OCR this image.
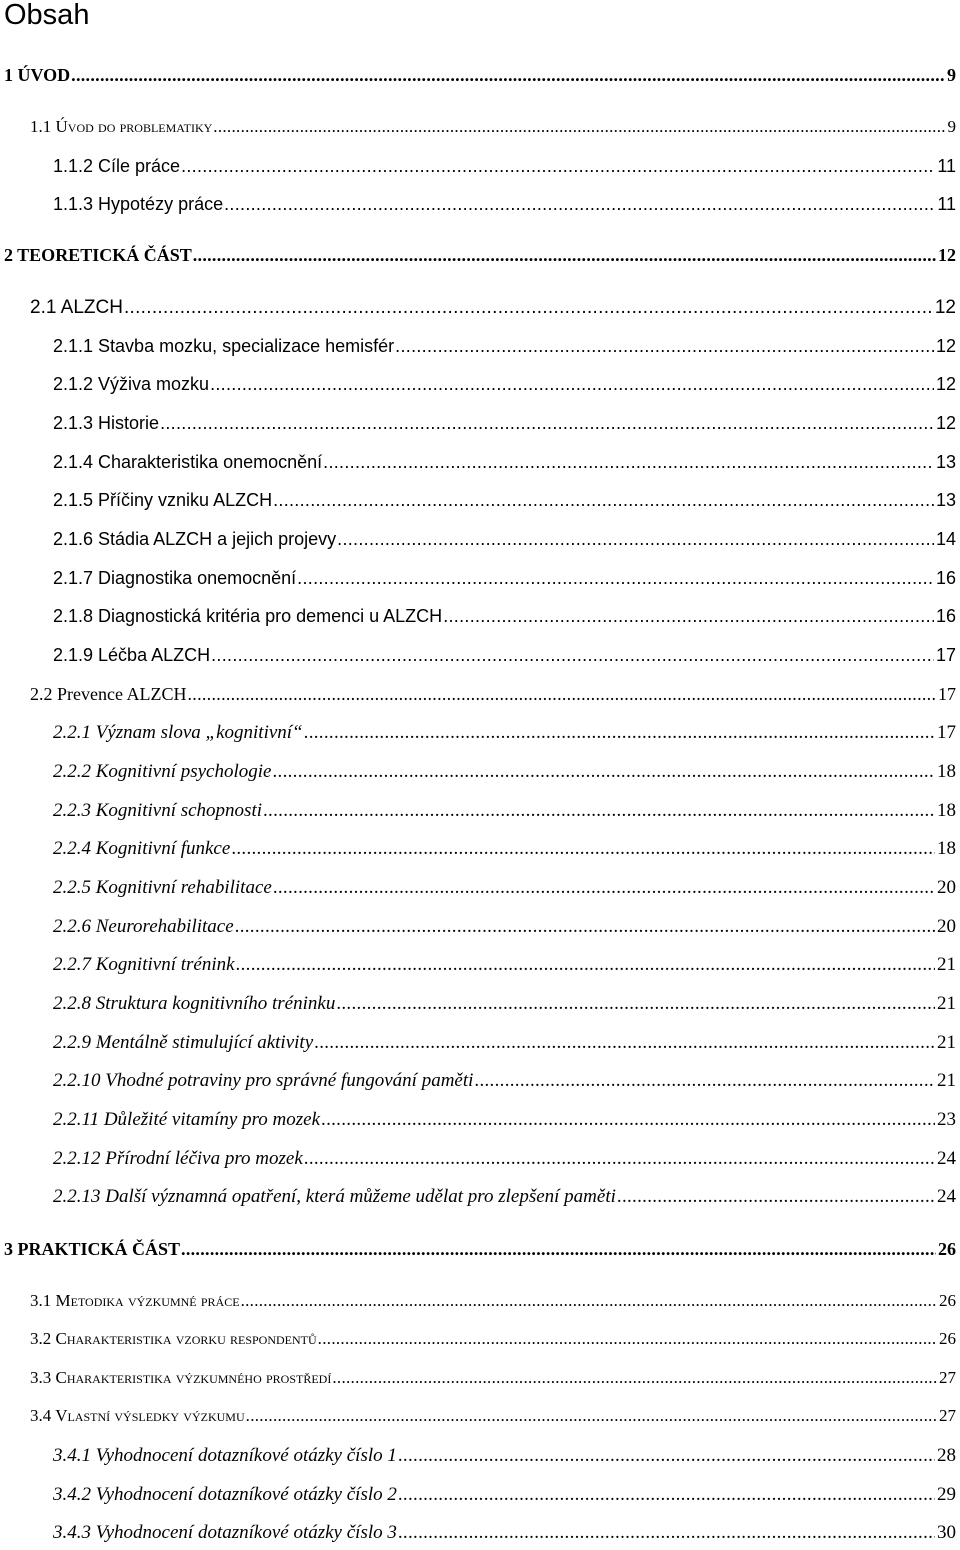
Obsah
1 ÚVOD .....	9
1.1 Úvod do problematiky .....	9
1.1.2 Cíle práce .....	11
1.1.3 Hypotézy práce .....	11
2 TEORETICKÁ ČÁST .....	12
2.1 ALZCH .....	12
2.1.1 Stavba mozku, specializace hemisfér .....	12
2.1.2 Výživa mozku .....	12
2.1.3 Historie .....	12
2.1.4 Charakteristika onemocnění .....	13
2.1.5 Příčiny vzniku ALZCH .....	13
2.1.6 Stádia ALZCH a jejich projevy .....	14
2.1.7 Diagnostika onemocnění .....	16
2.1.8 Diagnostická kritéria pro demenci u ALZCH .....	16
2.1.9 Léčba ALZCH .....	17
2.2 Prevence ALZCH .....	17
2.2.1 Význam slova „kognitivní“ .....	17
2.2.2 Kognitivní psychologie .....	18
2.2.3 Kognitivní schopnosti .....	18
2.2.4 Kognitivní funkce .....	18
2.2.5 Kognitivní rehabilitace .....	20
2.2.6 Neurorehabilitace .....	20
2.2.7 Kognitivní trénink .....	21
2.2.8 Struktura kognitivního tréninku .....	21
2.2.9 Mentálně stimulující aktivity .....	21
2.2.10 Vhodné potraviny pro správné fungování paměti .....	21
2.2.11 Důležité vitamíny pro mozek .....	23
2.2.12 Přírodní léčiva pro mozek .....	24
2.2.13 Další významná opatření, která můžeme udělat pro zlepšení paměti .....	24
3 PRAKTICKÁ ČÁST .....	26
3.1 Metodika výzkumné práce .....	26
3.2 Charakteristika vzorku respondentů .....	26
3.3 Charakteristika výzkumného prostředí .....	27
3.4 Vlastní výsledky výzkumu .....	27
3.4.1 Vyhodnocení dotazníkové otázky číslo 1 .....	28
3.4.2 Vyhodnocení dotazníkové otázky číslo 2 .....	29
3.4.3 Vyhodnocení dotazníkové otázky číslo 3 .....	30
